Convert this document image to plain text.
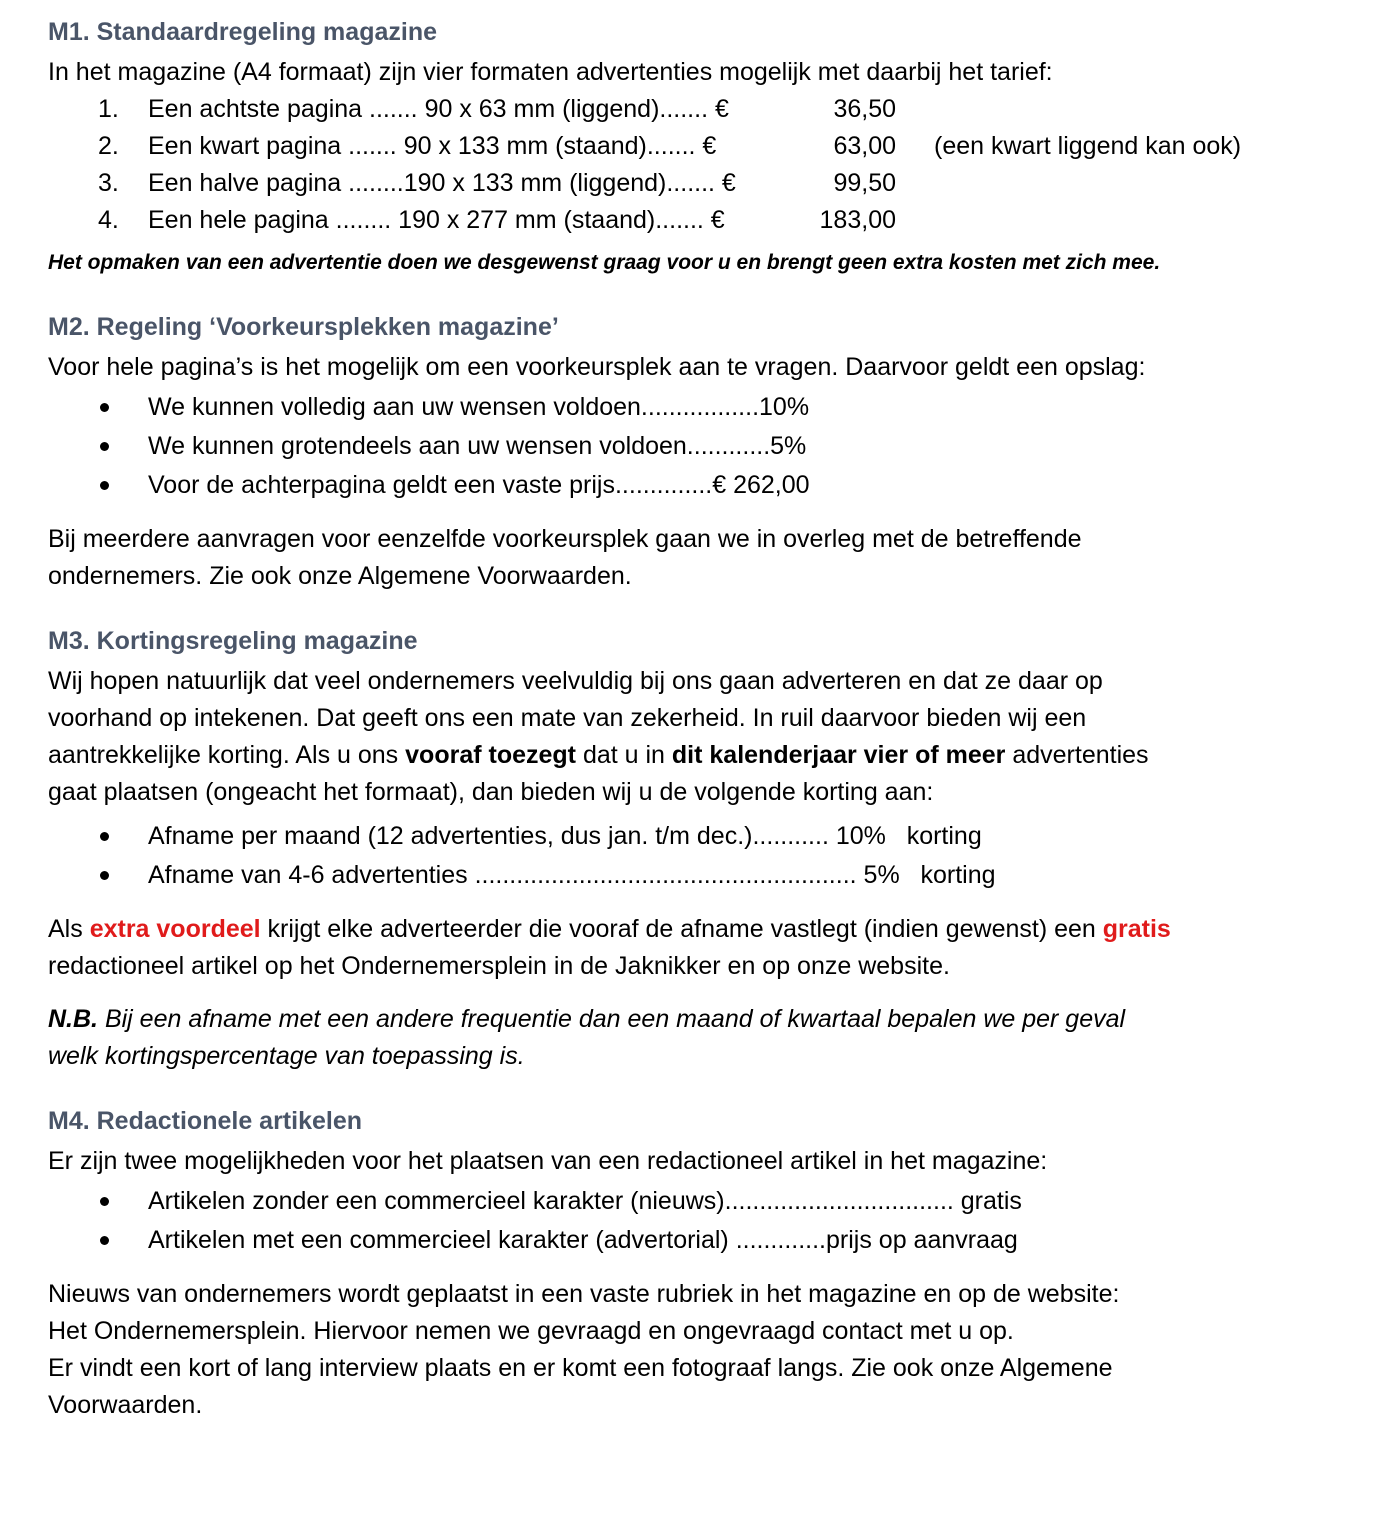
M1. Standaardregeling magazine

In het magazine (A4 formaat) zijn vier formaten advertenties mogelijk met daarbij het tarief:

1. Een achtste pagina ....... 90 x 63 mm (liggend)....... €	36,50
2. Een kwart pagina ....... 90 x 133 mm (staand)....... €	63,00 (een kwart liggend kan ook)
3. Een halve pagina ........190 x 133 mm (liggend)....... €	99,50
4. Een hele pagina ........ 190 x 277 mm (staand)....... €	183,00

Het opmaken van een advertentie doen we desgewenst graag voor u en brengt geen extra kosten met zich mee.

M2. Regeling ‘Voorkeursplekken magazine’

Voor hele pagina’s is het mogelijk om een voorkeursplek aan te vragen. Daarvoor geldt een opslag:

We kunnen volledig aan uw wensen voldoen.................10%
We kunnen grotendeels aan uw wensen voldoen............5%
Voor de achterpagina geldt een vaste prijs..............€ 262,00

Bij meerdere aanvragen voor eenzelfde voorkeursplek gaan we in overleg met de betreffende

ondernemers. Zie ook onze Algemene Voorwaarden.

M3. Kortingsregeling magazine

Wij hopen natuurlijk dat veel ondernemers veelvuldig bij ons gaan adverteren en dat ze daar op

voorhand op intekenen. Dat geeft ons een mate van zekerheid. In ruil daarvoor bieden wij een

aantrekkelijke korting. Als u ons vooraf toezegt dat u in dit kalenderjaar vier of meer advertenties

gaat plaatsen (ongeacht het formaat), dan bieden wij u de volgende korting aan:

Afname per maand (12 advertenties, dus jan. t/m dec.)........... 10%   korting
Afname van 4-6 advertenties ....................................................... 5%   korting

Als extra voordeel krijgt elke adverteerder die vooraf de afname vastlegt (indien gewenst) een gratis

redactioneel artikel op het Ondernemersplein in de Jaknikker en op onze website.

N.B. Bij een afname met een andere frequentie dan een maand of kwartaal bepalen we per geval

welk kortingspercentage van toepassing is.

M4. Redactionele artikelen

Er zijn twee mogelijkheden voor het plaatsen van een redactioneel artikel in het magazine:

Artikelen zonder een commercieel karakter (nieuws)................................. gratis
Artikelen met een commercieel karakter (advertorial) .............prijs op aanvraag

Nieuws van ondernemers wordt geplaatst in een vaste rubriek in het magazine en op de website:

Het Ondernemersplein. Hiervoor nemen we gevraagd en ongevraagd contact met u op.

Er vindt een kort of lang interview plaats en er komt een fotograaf langs. Zie ook onze Algemene

Voorwaarden.
